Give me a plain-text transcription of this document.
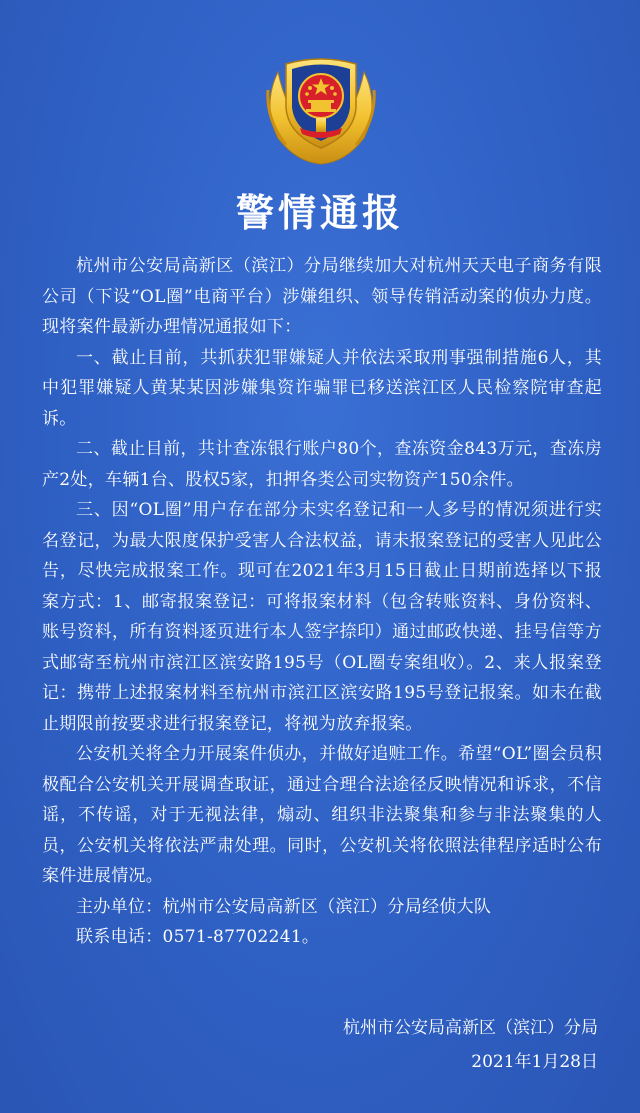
警情通报

杭州市公安局高新区（滨江）分局继续加大对杭州天天电子商务有限公司（下设“OL圈”电商平台）涉嫌组织、领导传销活动案的侦办力度。现将案件最新办理情况通报如下：

一、截止目前，共抓获犯罪嫌疑人并依法采取刑事强制措施6人，其中犯罪嫌疑人黄某某因涉嫌集资诈骗罪已移送滨江区人民检察院审查起诉。

二、截止目前，共计查冻银行账户80个，查冻资金843万元，查冻房产2处，车辆1台、股权5家，扣押各类公司实物资产150余件。

三、因“OL圈”用户存在部分未实名登记和一人多号的情况须进行实名登记，为最大限度保护受害人合法权益，请未报案登记的受害人见此公告，尽快完成报案工作。现可在2021年3月15日截止日期前选择以下报案方式：1、邮寄报案登记：可将报案材料（包含转账资料、身份资料、账号资料，所有资料逐页进行本人签字捺印）通过邮政快递、挂号信等方式邮寄至杭州市滨江区滨安路195号（OL圈专案组收）。2、来人报案登记：携带上述报案材料至杭州市滨江区滨安路195号登记报案。如未在截止期限前按要求进行报案登记，将视为放弃报案。

公安机关将全力开展案件侦办，并做好追赃工作。希望“OL”圈会员积极配合公安机关开展调查取证，通过合理合法途径反映情况和诉求，不信谣，不传谣，对于无视法律，煽动、组织非法聚集和参与非法聚集的人员，公安机关将依法严肃处理。同时，公安机关将依照法律程序适时公布案件进展情况。

主办单位：杭州市公安局高新区（滨江）分局经侦大队

联系电话：0571-87702241。

杭州市公安局高新区（滨江）分局
2021年1月28日
